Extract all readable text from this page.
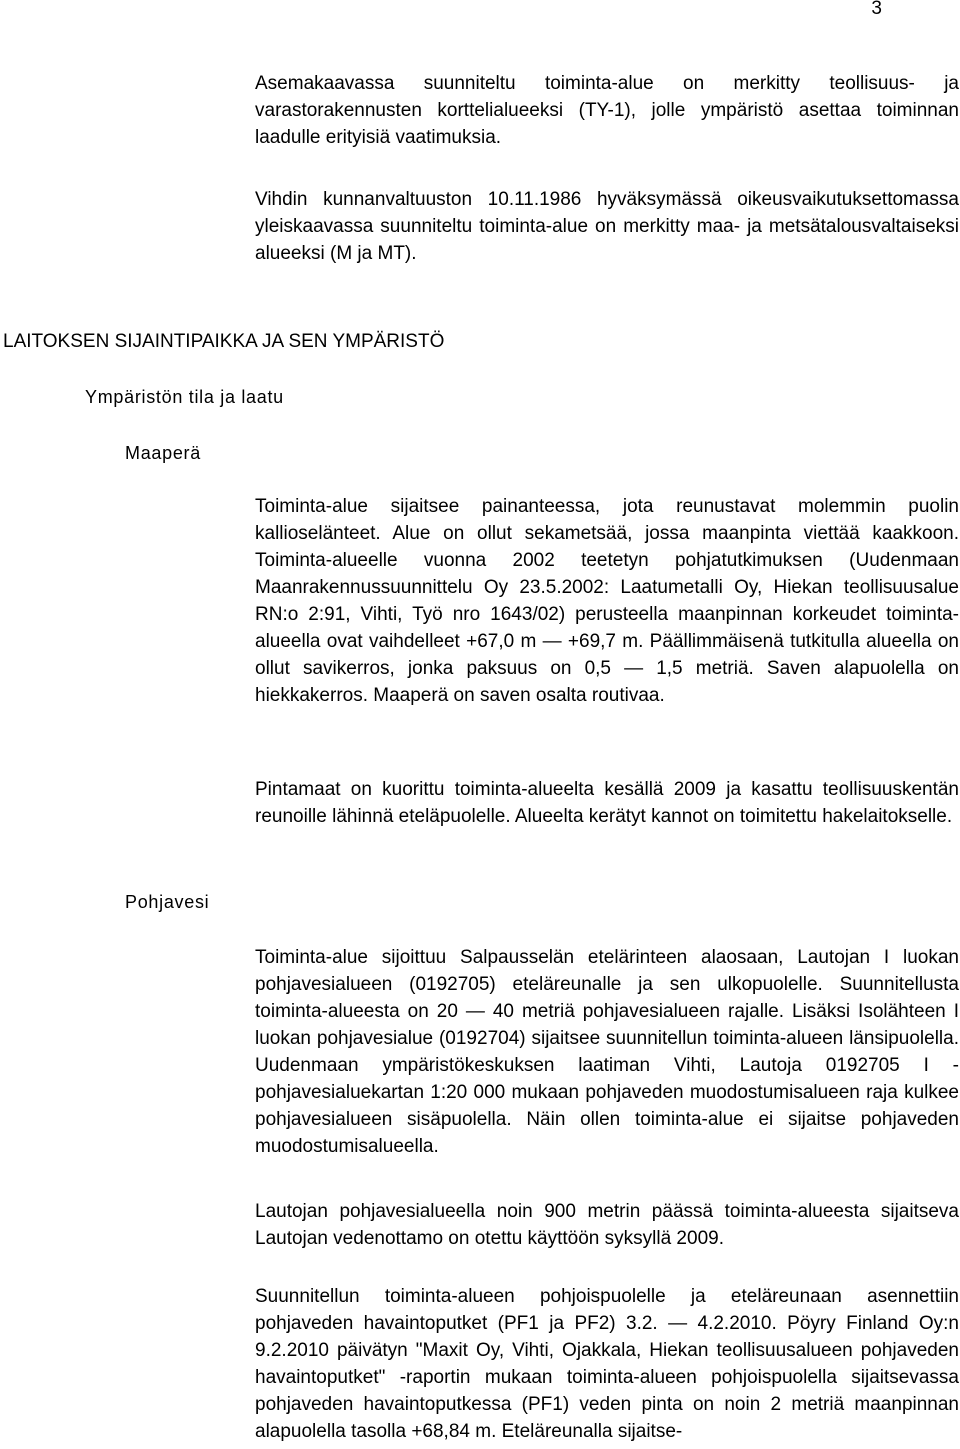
3

Asemakaavassa suunniteltu toiminta-alue on merkitty teollisuus- ja varastorakennusten korttelialueeksi (TY-1), jolle ympäristö asettaa toiminnan laadulle erityisiä vaatimuksia.

Vihdin kunnanvaltuuston 10.11.1986 hyväksymässä oikeusvaikutuksettomassa yleiskaavassa suunniteltu toiminta-alue on merkitty maa- ja metsätalousvaltaiseksi alueeksi (M ja MT).

LAITOKSEN SIJAINTIPAIKKA JA SEN YMPÄRISTÖ
Ympäristön tila ja laatu
Maaperä

Toiminta-alue sijaitsee painanteessa, jota reunustavat molemmin puolin kallioselänteet. Alue on ollut sekametsää, jossa maanpinta viettää kaakkoon. Toiminta-alueelle vuonna 2002 teetetyn pohjatutkimuksen (Uudenmaan Maanrakennussuunnittelu Oy 23.5.2002: Laatumetalli Oy, Hiekan teollisuusalue RN:o 2:91, Vihti, Työ nro 1643/02) perusteella maanpinnan korkeudet toiminta-alueella ovat vaihdelleet +67,0 m — +69,7 m. Päällimmäisenä tutkitulla alueella on ollut savikerros, jonka paksuus on 0,5 — 1,5 metriä. Saven alapuolella on hiekkakerros. Maaperä on saven osalta routivaa.

Pintamaat on kuorittu toiminta-alueelta kesällä 2009 ja kasattu teollisuuskentän reunoille lähinnä eteläpuolelle. Alueelta kerätyt kannot on toimitettu hakelaitokselle.

Pohjavesi

Toiminta-alue sijoittuu Salpausselän etelärinteen alaosaan, Lautojan I luokan pohjavesialueen (0192705) eteläreunalle ja sen ulkopuolelle. Suunnitellusta toiminta-alueesta on 20 — 40 metriä pohjavesialueen rajalle. Lisäksi Isolähteen I luokan pohjavesialue (0192704) sijaitsee suunnitellun toiminta-alueen länsipuolella. Uudenmaan ympäristökeskuksen laatiman Vihti, Lautoja 0192705 I -pohjavesialuekartan 1:20 000 mukaan pohjaveden muodostumisalueen raja kulkee pohjavesialueen sisäpuolella. Näin ollen toiminta-alue ei sijaitse pohjaveden muodostumisalueella.

Lautojan pohjavesialueella noin 900 metrin päässä toiminta-alueesta sijaitseva Lautojan vedenottamo on otettu käyttöön syksyllä 2009.

Suunnitellun toiminta-alueen pohjoispuolelle ja eteläreunaan asennettiin pohjaveden havaintoputket (PF1 ja PF2) 3.2. — 4.2.2010. Pöyry Finland Oy:n 9.2.2010 päivätyn "Maxit Oy, Vihti, Ojakkala, Hiekan teollisuusalueen pohjaveden havaintoputket" -raportin mukaan toiminta-alueen pohjoispuolella sijaitsevassa pohjaveden havaintoputkessa (PF1) veden pinta on noin 2 metriä maanpinnan alapuolella tasolla +68,84 m. Eteläreunalla sijaitse-
